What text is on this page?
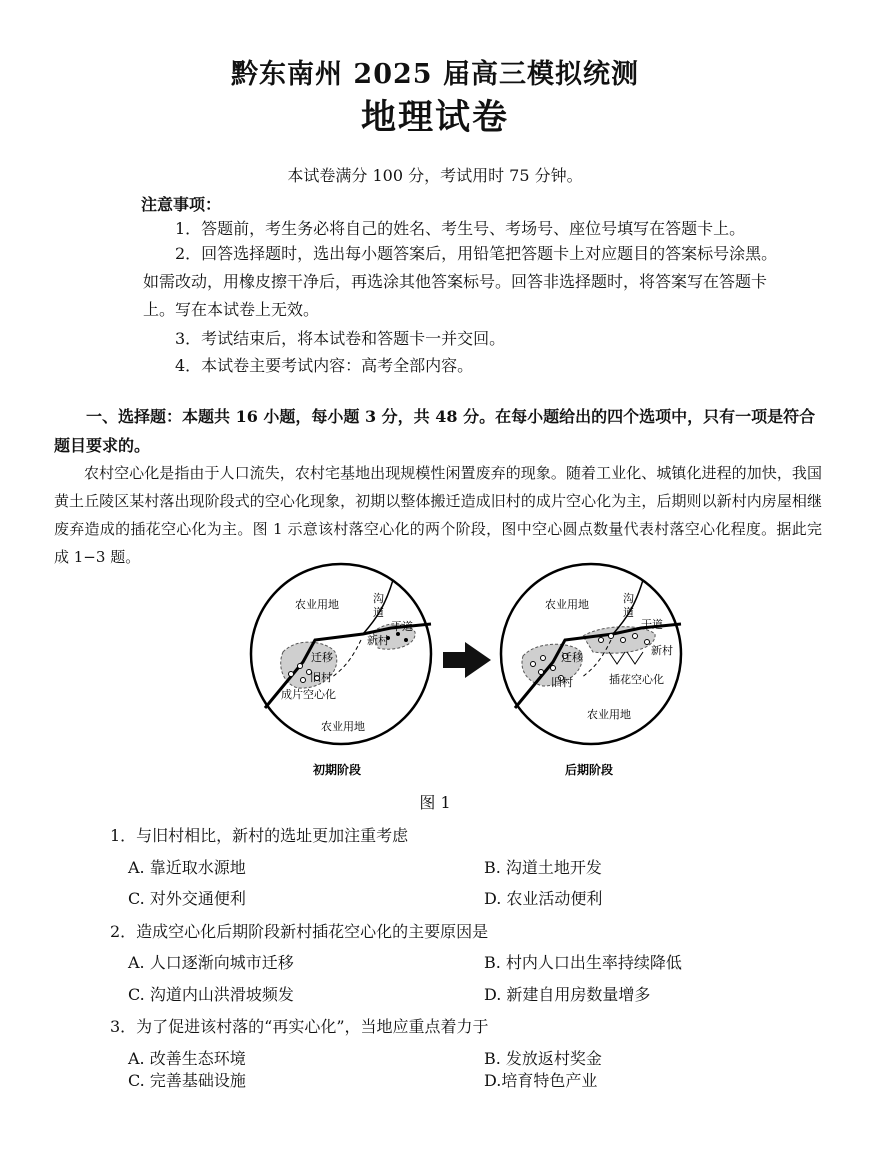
黔东南州 2025 届高三模拟统测
地理试卷
本试卷满分 100 分，考试用时 75 分钟。
注意事项：
1．答题前，考生务必将自己的姓名、考生号、考场号、座位号填写在答题卡上。
2．回答选择题时，选出每小题答案后，用铅笔把答题卡上对应题目的答案标号涂黑。如需改动，用橡皮擦干净后，再选涂其他答案标号。回答非选择题时，将答案写在答题卡上。写在本试卷上无效。
3．考试结束后，将本试卷和答题卡一并交回。
4．本试卷主要考试内容：高考全部内容。
一、选择题：本题共 16 小题，每小题 3 分，共 48 分。在每小题给出的四个选项中，只有一项是符合题目要求的。
农村空心化是指由于人口流失，农村宅基地出现规模性闲置废弃的现象。随着工业化、城镇化进程的加快，我国黄土丘陵区某村落出现阶段式的空心化现象，初期以整体搬迁造成旧村的成片空心化为主，后期则以新村内房屋相继废弃造成的插花空心化为主。图 1 示意该村落空心化的两个阶段，图中空心圆点数量代表村落空心化程度。据此完成 1−3 题。
农业用地	沟
道
干道
新村
迁移
旧村
成片空心化
农业用地
初期阶段
农业用地	沟
道
干道
新村
迁移
旧村	插花空心化
农业用地
后期阶段
图 1
1．与旧村相比，新村的选址更加注重考虑
A. 靠近取水源地	B. 沟道土地开发
C. 对外交通便利	D. 农业活动便利
2．造成空心化后期阶段新村插花空心化的主要原因是
A. 人口逐渐向城市迁移	B. 村内人口出生率持续降低
C. 沟道内山洪滑坡频发	D. 新建自用房数量增多
3．为了促进该村落的“再实心化”，当地应重点着力于
A. 改善生态环境	B. 发放返村奖金
C. 完善基础设施	D.培育特色产业
